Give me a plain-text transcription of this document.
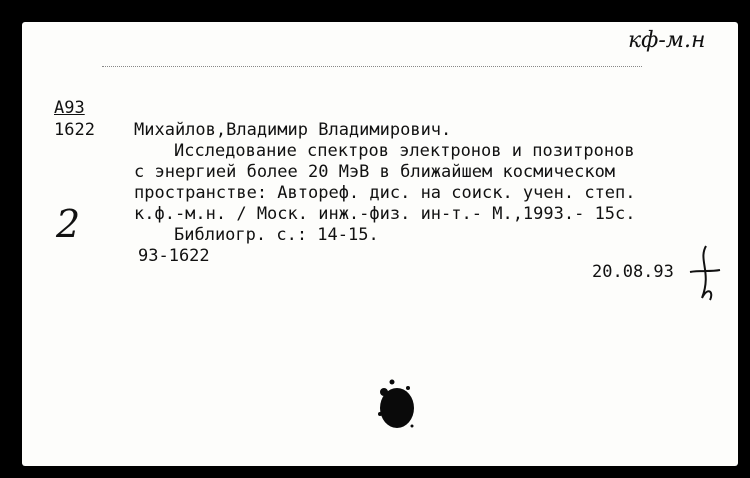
кф-м.н
А93
1622 Михайлов,Владимир Владимирович.
Исследование спектров электронов и позитронов
с энергией более 20 МэВ в ближайшем космическом
пространстве: Автореф. дис. на соиск. учен. степ.
к.ф.-м.н. / Моск. инж.-физ. ин-т.- М.,1993.- 15с.
2	Библиогр. с.: 14-15.
93-1622
20.08.93
